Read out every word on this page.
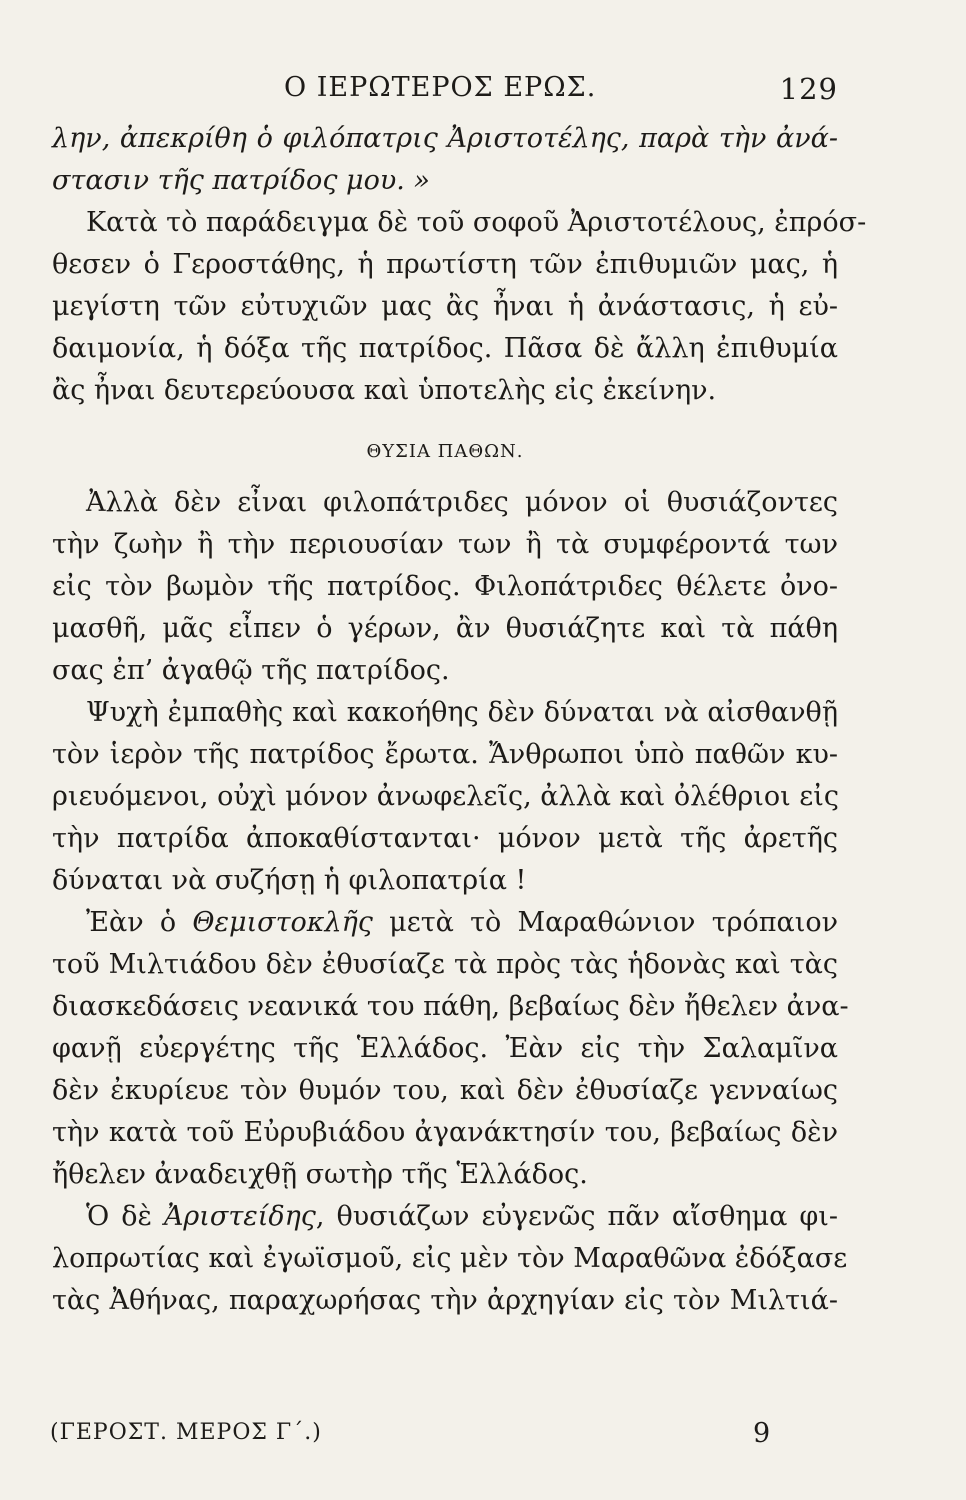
Ο ΙΕΡΩΤΕΡΟΣ ΕΡΩΣ.	129
λην, ἀπεκρίθη ὁ φιλόπατρις Ἀριστοτέλης, παρὰ τὴν ἀνά-
στασιν τῆς πατρίδος μου. »
Κατὰ τὸ παράδειγμα δὲ τοῦ σοφοῦ Ἀριστοτέλους, ἐπρόσ-
θεσεν ὁ Γεροστάθης, ἡ πρωτίστη τῶν ἐπιθυμιῶν μας, ἡ
μεγίστη τῶν εὐτυχιῶν μας ἂς ἦναι ἡ ἀνάστασις, ἡ εὐ-
δαιμονία, ἡ δόξα τῆς πατρίδος. Πᾶσα δὲ ἄλλη ἐπιθυμία
ἂς ἦναι δευτερεύουσα καὶ ὑποτελὴς εἰς ἐκείνην.
ΘΥΣΙΑ ΠΑΘΩΝ.
Ἀλλὰ δὲν εἶναι φιλοπάτριδες μόνον οἱ θυσιάζοντες
τὴν ζωὴν ἢ τὴν περιουσίαν των ἢ τὰ συμφέροντά των
εἰς τὸν βωμὸν τῆς πατρίδος. Φιλοπάτριδες θέλετε ὀνο-
μασθῆ, μᾶς εἶπεν ὁ γέρων, ἂν θυσιάζητε καὶ τὰ πάθη
σας ἐπ’ ἀγαθῷ τῆς πατρίδος.
Ψυχὴ ἐμπαθὴς καὶ κακοήθης δὲν δύναται νὰ αἰσθανθῇ
τὸν ἱερὸν τῆς πατρίδος ἔρωτα. Ἄνθρωποι ὑπὸ παθῶν κυ-
ριευόμενοι, οὐχὶ μόνον ἀνωφελεῖς, ἀλλὰ καὶ ὀλέθριοι εἰς
τὴν πατρίδα ἀποκαθίστανται· μόνον μετὰ τῆς ἀρετῆς
δύναται νὰ συζήσῃ ἡ φιλοπατρία !
Ἐὰν ὁ Θεμιστοκλῆς μετὰ τὸ Μαραθώνιον τρόπαιον
τοῦ Μιλτιάδου δὲν ἐθυσίαζε τὰ πρὸς τὰς ἡδονὰς καὶ τὰς
διασκεδάσεις νεανικά του πάθη, βεβαίως δὲν ἤθελεν ἀνα-
φανῇ εὐεργέτης τῆς Ἑλλάδος. Ἐὰν εἰς τὴν Σαλαμῖνα
δὲν ἐκυρίευε τὸν θυμόν του, καὶ δὲν ἐθυσίαζε γενναίως
τὴν κατὰ τοῦ Εὐρυβιάδου ἀγανάκτησίν του, βεβαίως δὲν
ἤθελεν ἀναδειχθῇ σωτὴρ τῆς Ἑλλάδος.
Ὁ δὲ Ἀριστείδης, θυσιάζων εὐγενῶς πᾶν αἴσθημα φι-
λοπρωτίας καὶ ἐγωϊσμοῦ, εἰς μὲν τὸν Μαραθῶνα ἐδόξασε
τὰς Ἀθήνας, παραχωρήσας τὴν ἀρχηγίαν εἰς τὸν Μιλτιά-
(ΓΕΡΟΣΤ. ΜΕΡΟΣ Γ΄.)	9
